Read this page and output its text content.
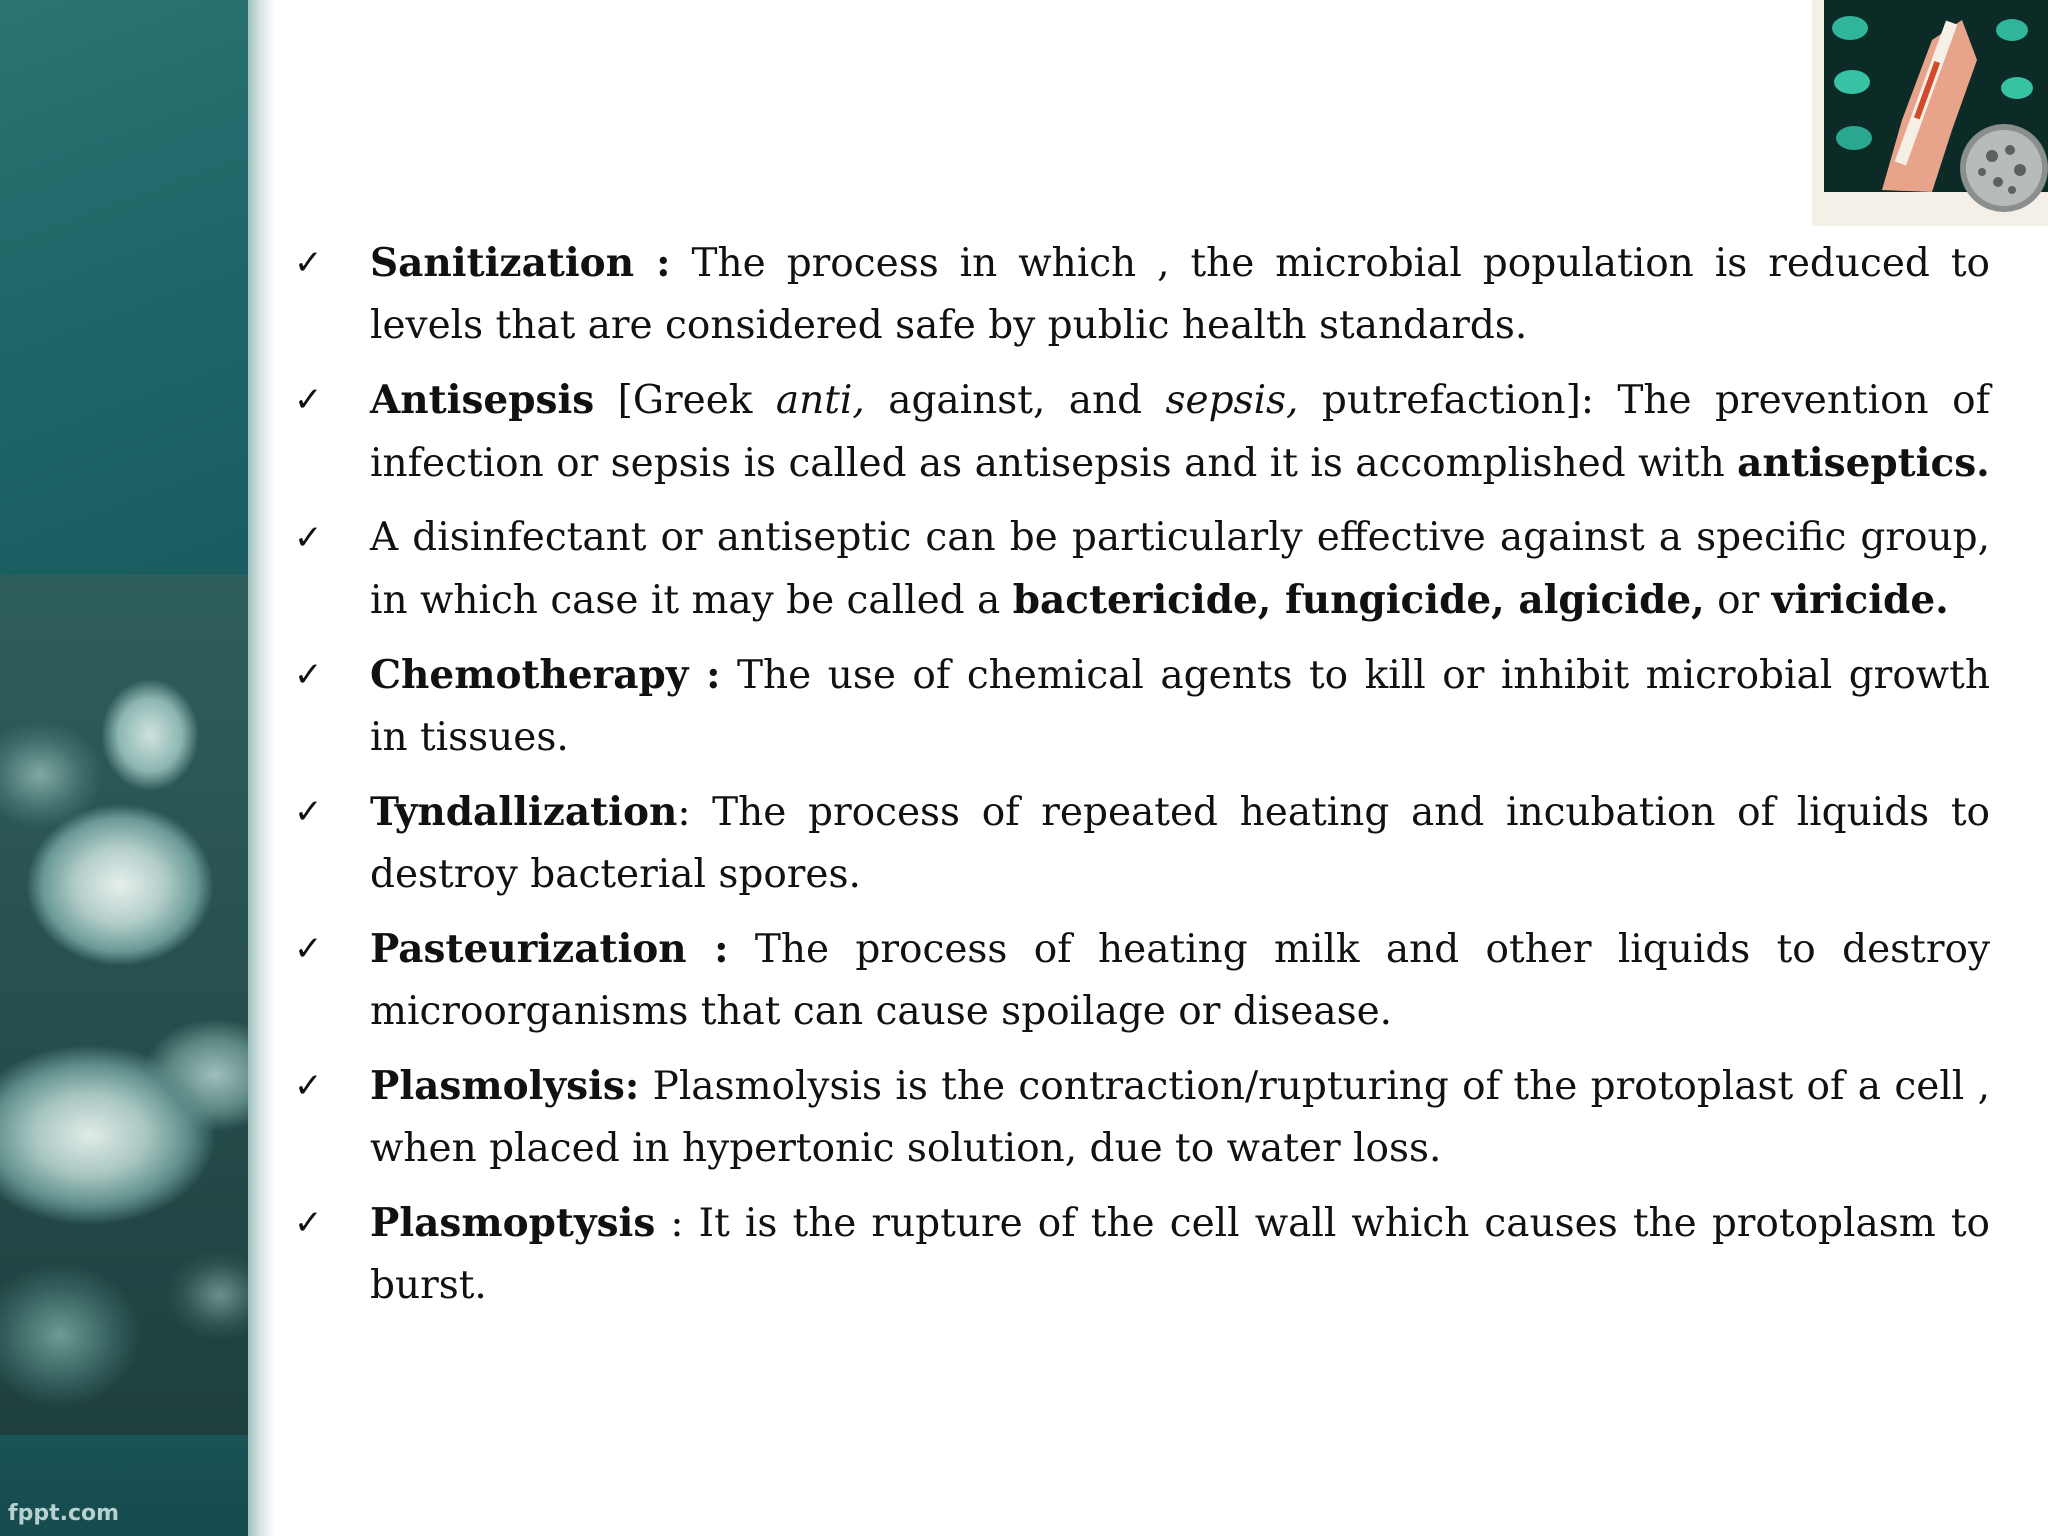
fppt.com
✓	Sanitization : The process in which , the microbial population is reduced to levels that are considered safe by public health standards.
✓	Antisepsis [Greek anti, against, and sepsis, putrefaction]: The prevention of infection or sepsis is called as antisepsis and it is accomplished with antiseptics.
✓	A disinfectant or antiseptic can be particularly effective against a specific group, in which case it may be called a bactericide, fungicide, algicide, or viricide.
✓	Chemotherapy : The use of chemical agents to kill or inhibit microbial growth in tissues.
✓	Tyndallization: The process of repeated heating and incubation of liquids to destroy bacterial spores.
✓	Pasteurization : The process of heating milk and other liquids to destroy microorganisms that can cause spoilage or disease.
✓	Plasmolysis: Plasmolysis is the contraction/rupturing of the protoplast of a cell , when placed in hypertonic solution, due to water loss.
✓	Plasmoptysis : It is the rupture of the cell wall which causes the protoplasm to burst.
